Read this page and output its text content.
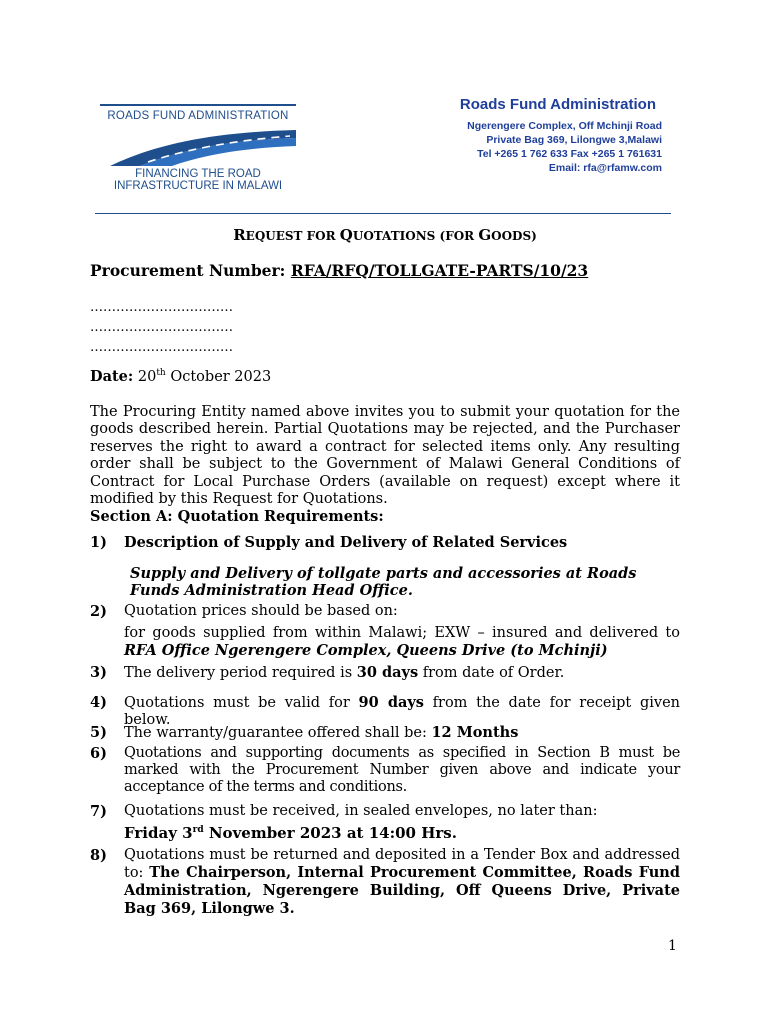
ROADS FUND ADMINISTRATION
FINANCING THE ROAD
INFRASTRUCTURE IN MALAWI
Roads Fund Administration
Ngerengere Complex, Off Mchinji Road
Private Bag 369, Lilongwe 3,Malawi
Tel +265 1 762 633 Fax +265 1 761631
Email: rfa@rfamw.com
REQUEST FOR QUOTATIONS (FOR GOODS)
Procurement Number: RFA/RFQ/TOLLGATE-PARTS/10/23
……………………………
……………………………
……………………………
Date: 20th October 2023
The Procuring Entity named above invites you to submit your quotation for the goods described herein. Partial Quotations may be rejected, and the Purchaser reserves the right to award a contract for selected items only. Any resulting order shall be subject to the Government of Malawi General Conditions of Contract for Local Purchase Orders (available on request) except where it modified by this Request for Quotations.
Section A: Quotation Requirements:
1) Description of Supply and Delivery of Related Services
Supply and Delivery of tollgate parts and accessories at Roads Funds Administration Head Office.
2) Quotation prices should be based on:
for goods supplied from within Malawi; EXW – insured and delivered to RFA Office Ngerengere Complex, Queens Drive (to Mchinji)
3) The delivery period required is 30 days from date of Order.
4) Quotations must be valid for 90 days from the date for receipt given below.
5) The warranty/guarantee offered shall be: 12 Months
6) Quotations and supporting documents as specified in Section B must be marked with the Procurement Number given above and indicate your acceptance of the terms and conditions.
7) Quotations must be received, in sealed envelopes, no later than:
Friday 3rd November 2023 at 14:00 Hrs.
8) Quotations must be returned and deposited in a Tender Box and addressed to: The Chairperson, Internal Procurement Committee, Roads Fund Administration, Ngerengere Building, Off Queens Drive, Private Bag 369, Lilongwe 3.
1
